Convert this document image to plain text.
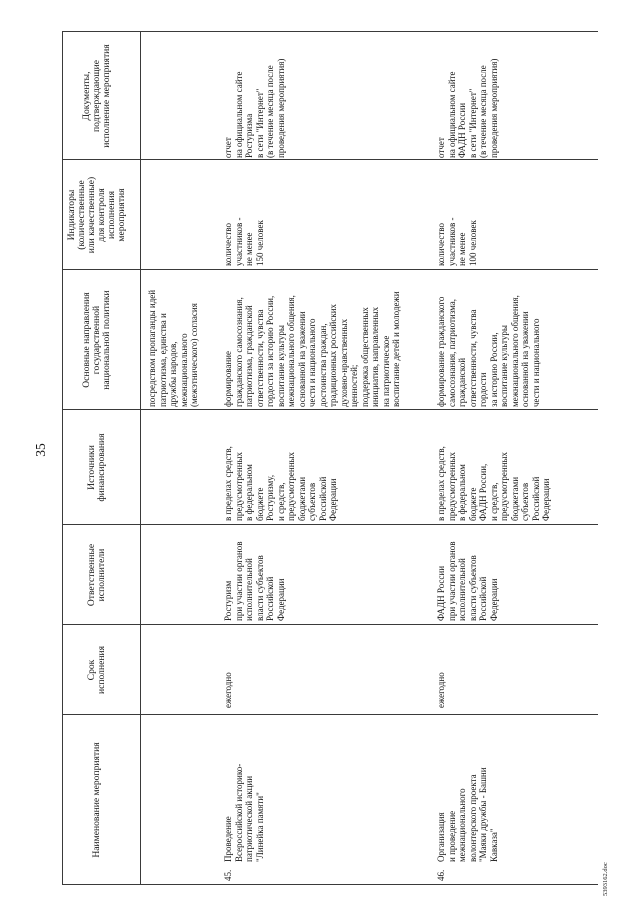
35
Наименование мероприятия
Срок
исполнения
Ответственные
исполнители
Источники
финансирования
Основные направления
государственной
национальной политики
Индикаторы
(количественные
или качественные)
для контроля
исполнения
мероприятия
Документы,
подтверждающие
исполнение мероприятия
посредством пропаганды идей
патриотизма, единства и
дружбы народов,
межнационального
(межэтнического) согласия
45.
Проведение
Всероссийской историко-
патриотической акции
"Линейка памяти"
ежегодно
Ростуризм
при участии органов
исполнительной
власти субъектов
Российской
Федерации
в пределах средств,
предусмотренных
в федеральном
бюджете
Ростуризму,
и средств,
предусмотренных
бюджетами
субъектов
Российской
Федерации
формирование
гражданского самосознания,
патриотизма, гражданской
ответственности, чувства
гордости за историю России,
воспитание культуры
межнационального общения,
основанной на уважении
чести и национального
достоинства граждан,
традиционных российских
духовно-нравственных
ценностей;
поддержка общественных
инициатив, направленных
на патриотическое
воспитание детей и молодежи
количество
участников -
не менее
150 человек
отчет
на официальном сайте
Ростуризма
в сети "Интернет"
(в течение месяца после
проведения мероприятия)
46.
Организация
и проведение
межнационального
волонтерского проекта
"Маяки дружбы - Башни
Кавказа"
ежегодно
ФАДН России
при участии органов
исполнительной
власти субъектов
Российской
Федерации
в пределах средств,
предусмотренных
в федеральном
бюджете
ФАДН России,
и средств,
предусмотренных
бюджетами
субъектов
Российской
Федерации
формирование гражданского
самосознания, патриотизма,
гражданской
ответственности, чувства
гордости
за историю России,
воспитание культуры
межнационального общения,
основанной на уважении
чести и национального
количество
участников -
не менее
100 человек
отчет
на официальном сайте
ФАДН России
в сети "Интернет"
(в течение месяца после
проведения мероприятия)
5393162.doc
